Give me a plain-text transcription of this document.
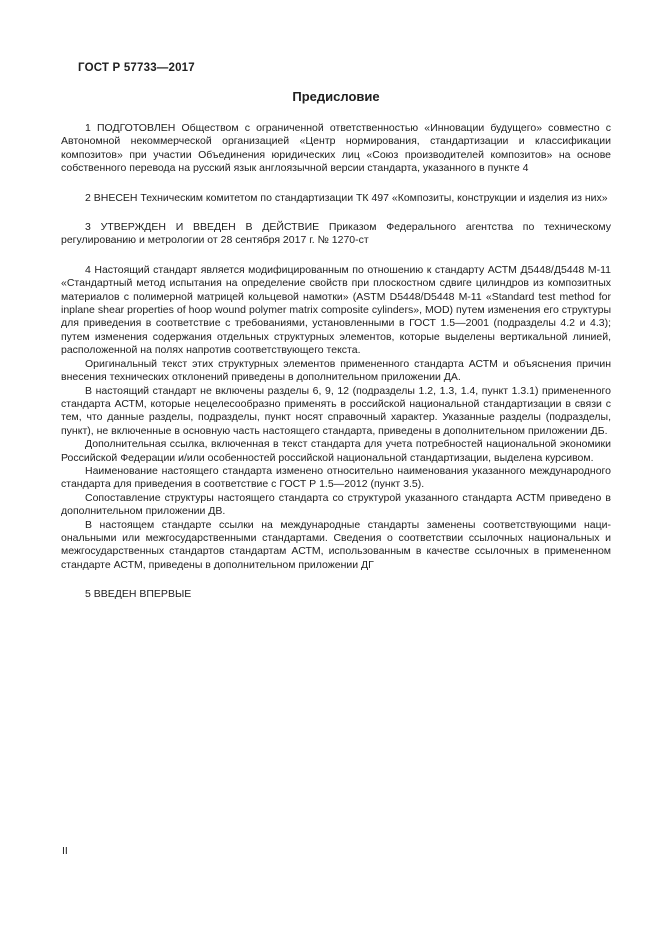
ГОСТ Р 57733—2017
Предисловие

1 ПОДГОТОВЛЕН Обществом с ограниченной ответственностью «Инновации будущего» совместно с Автономной некоммерческой организацией «Центр нормирования, стандартизации и классификации композитов» при участии Объединения юридических лиц «Союз производителей композитов» на основе собственного перевода на русский язык англоязычной версии стандарта, указанного в пункте 4

2 ВНЕСЕН Техническим комитетом по стандартизации ТК 497 «Композиты, конструкции и изделия из них»

3 УТВЕРЖДЕН И ВВЕДЕН В ДЕЙСТВИЕ Приказом Федерального агентства по техническому регулированию и метрологии от 28 сентября 2017 г. № 1270-ст

4 Настоящий стандарт является модифицированным по отношению к стандарту АСТМ Д5448/Д5448 М-11 «Стандартный метод испытания на определение свойств при плоскостном сдвиге цилиндров из композитных материалов с полимерной матрицей кольцевой намотки» (ASTM D5448/D5448 M-11 «Standard test method for inplane shear properties of hoop wound polymer matrix composite cylinders», MOD) путем изменения его структуры для приведения в соответствие с требованиями, установленными в ГОСТ 1.5—2001 (подразделы 4.2 и 4.3); путем изменения содержания отдельных структурных элементов, которые выделены вертикальной линией, расположенной на полях напротив соответствующего текста.

Оригинальный текст этих структурных элементов примененного стандарта АСТМ и объяснения причин внесения технических отклонений приведены в дополнительном приложении ДА.

В настоящий стандарт не включены разделы 6, 9, 12 (подразделы 1.2, 1.3, 1.4, пункт 1.3.1) примененного стандарта АСТМ, которые нецелесообразно применять в российской национальной стандартизации в связи с тем, что данные разделы, подразделы, пункт носят справочный характер. Указанные разделы (подразделы, пункт), не включенные в основную часть настоящего стандарта, приведены в дополнительном приложении ДБ.

Дополнительная ссылка, включенная в текст стандарта для учета потребностей национальной экономики Российской Федерации и/или особенностей российской национальной стандартизации, выделена курсивом.

Наименование настоящего стандарта изменено относительно наименования указанного международного стандарта для приведения в соответствие с ГОСТ Р 1.5—2012 (пункт 3.5).

Сопоставление структуры настоящего стандарта со структурой указанного стандарта АСТМ приведено в дополнительном приложении ДВ.

В настоящем стандарте ссылки на международные стандарты заменены соответствующими национальными или межгосударственными стандартами. Сведения о соответствии ссылочных национальных и межгосударственных стандартов стандартам АСТМ, использованным в качестве ссылочных в примененном стандарте АСТМ, приведены в дополнительном приложении ДГ

5 ВВЕДЕН ВПЕРВЫЕ

II
